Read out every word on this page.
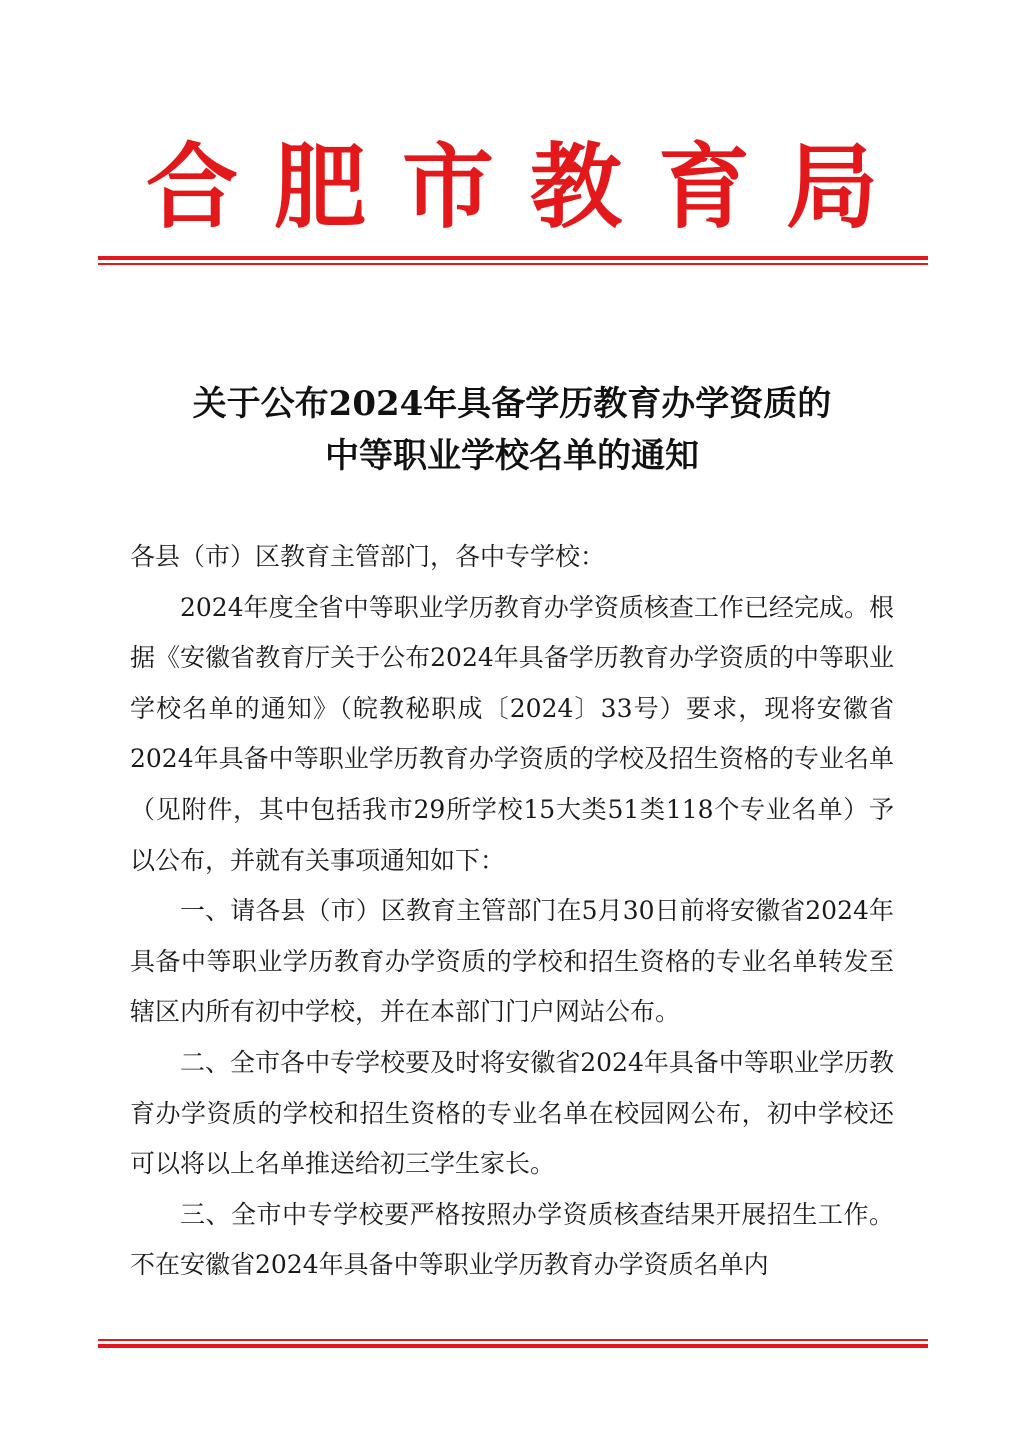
合肥市教育局
关于公布2024年具备学历教育办学资质的
中等职业学校名单的通知

各县（市）区教育主管部门，各中专学校：

2024年度全省中等职业学历教育办学资质核查工作已经完成。根据《安徽省教育厅关于公布2024年具备学历教育办学资质的中等职业学校名单的通知》（皖教秘职成〔2024〕33号）要求，现将安徽省2024年具备中等职业学历教育办学资质的学校及招生资格的专业名单（见附件，其中包括我市29所学校15大类51类118个专业名单）予以公布，并就有关事项通知如下：

一、请各县（市）区教育主管部门在5月30日前将安徽省2024年具备中等职业学历教育办学资质的学校和招生资格的专业名单转发至辖区内所有初中学校，并在本部门门户网站公布。

二、全市各中专学校要及时将安徽省2024年具备中等职业学历教育办学资质的学校和招生资格的专业名单在校园网公布，初中学校还可以将以上名单推送给初三学生家长。

三、全市中专学校要严格按照办学资质核查结果开展招生工作。不在安徽省2024年具备中等职业学历教育办学资质名单内
